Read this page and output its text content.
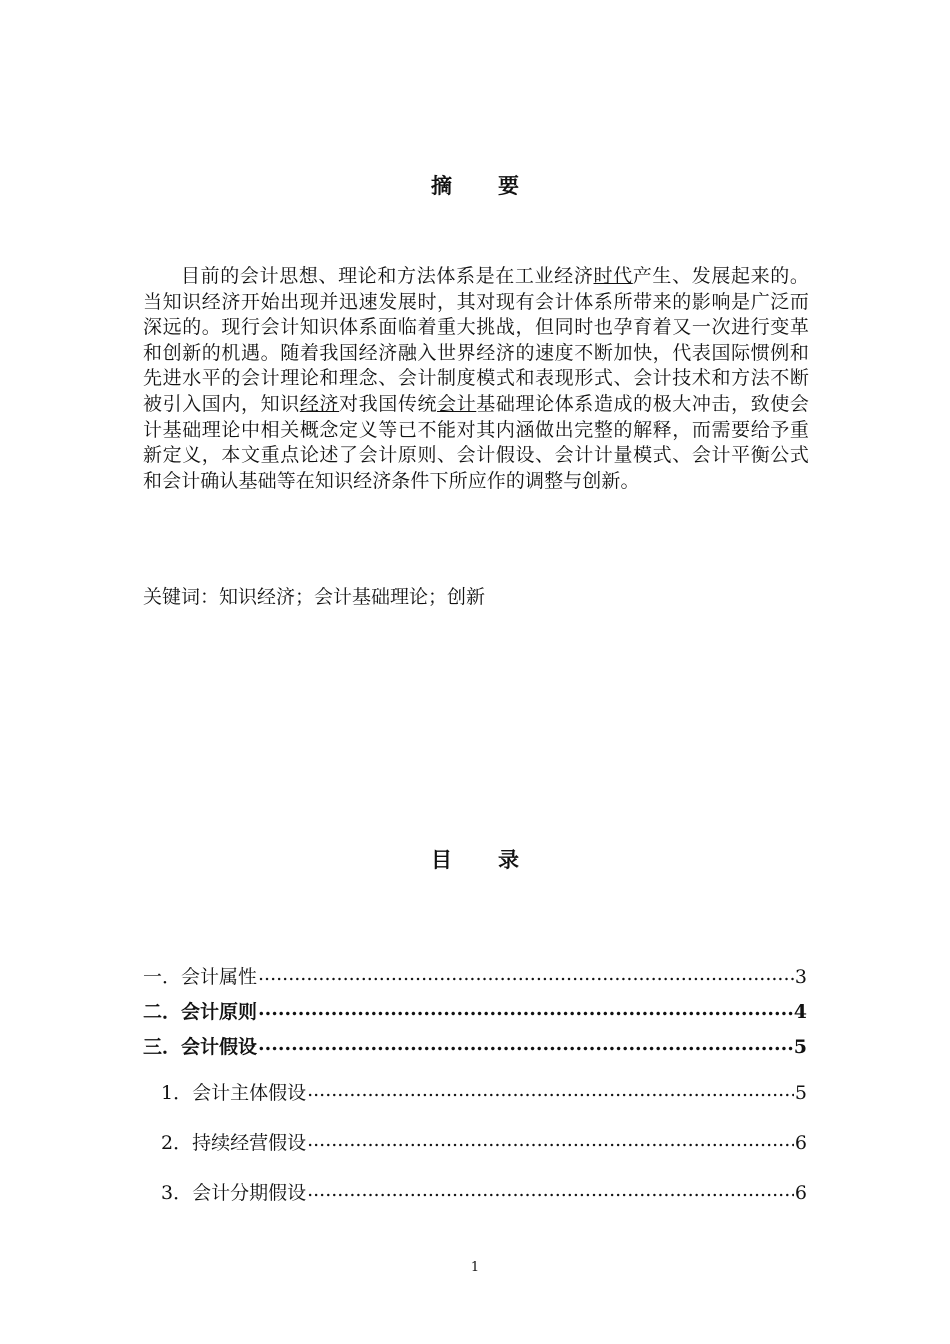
摘 要

目前的会计思想、理论和方法体系是在工业经济时代产生、发展起来的。当知识经济开始出现并迅速发展时，其对现有会计体系所带来的影响是广泛而深远的。现行会计知识体系面临着重大挑战，但同时也孕育着又一次进行变革和创新的机遇。随着我国经济融入世界经济的速度不断加快，代表国际惯例和先进水平的会计理论和理念、会计制度模式和表现形式、会计技术和方法不断被引入国内，知识经济对我国传统会计基础理论体系造成的极大冲击，致使会计基础理论中相关概念定义等已不能对其内涵做出完整的解释，而需要给予重新定义，本文重点论述了会计原则、会计假设、会计计量模式、会计平衡公式和会计确认基础等在知识经济条件下所应作的调整与创新。

关键词：知识经济；会计基础理论；创新
目 录
一．会计属性 .....	3
二．会计原则 .....	4
三．会计假设 .....	5
1．会计主体假设 .....	5
2．持续经营假设 .....	6
3．会计分期假设 .....	6
1
